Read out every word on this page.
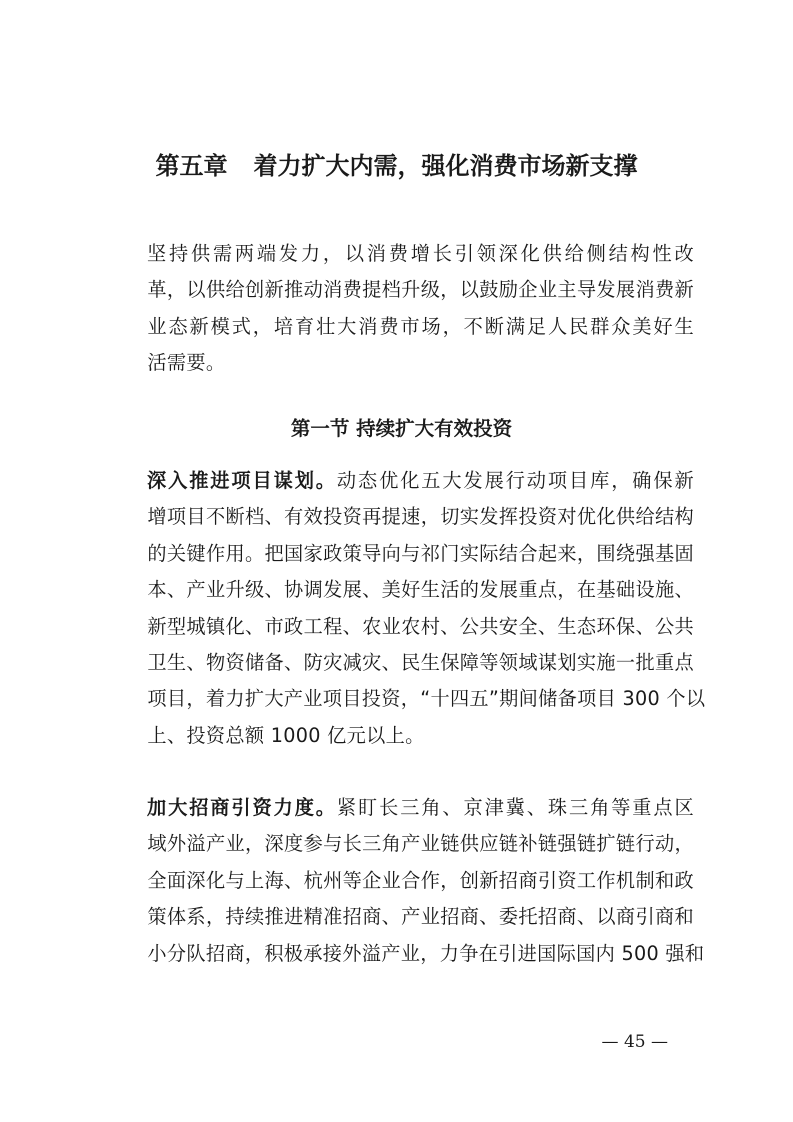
第五章 着力扩大内需，强化消费市场新支撑
坚持供需两端发力，以消费增长引领深化供给侧结构性改
革，以供给创新推动消费提档升级，以鼓励企业主导发展消费新
业态新模式，培育壮大消费市场，不断满足人民群众美好生
活需要。
第一节 持续扩大有效投资
深入推进项目谋划。动态优化五大发展行动项目库，确保新
增项目不断档、有效投资再提速，切实发挥投资对优化供给结构
的关键作用。把国家政策导向与祁门实际结合起来，围绕强基固
本、产业升级、协调发展、美好生活的发展重点，在基础设施、
新型城镇化、市政工程、农业农村、公共安全、生态环保、公共
卫生、物资储备、防灾减灾、民生保障等领域谋划实施一批重点
项目，着力扩大产业项目投资，“十四五”期间储备项目 300 个以
上、投资总额 1000 亿元以上。
加大招商引资力度。紧盯长三角、京津冀、珠三角等重点区
域外溢产业，深度参与长三角产业链供应链补链强链扩链行动，
全面深化与上海、杭州等企业合作，创新招商引资工作机制和政
策体系，持续推进精准招商、产业招商、委托招商、以商引商和
小分队招商，积极承接外溢产业，力争在引进国际国内 500 强和
— 45 —
